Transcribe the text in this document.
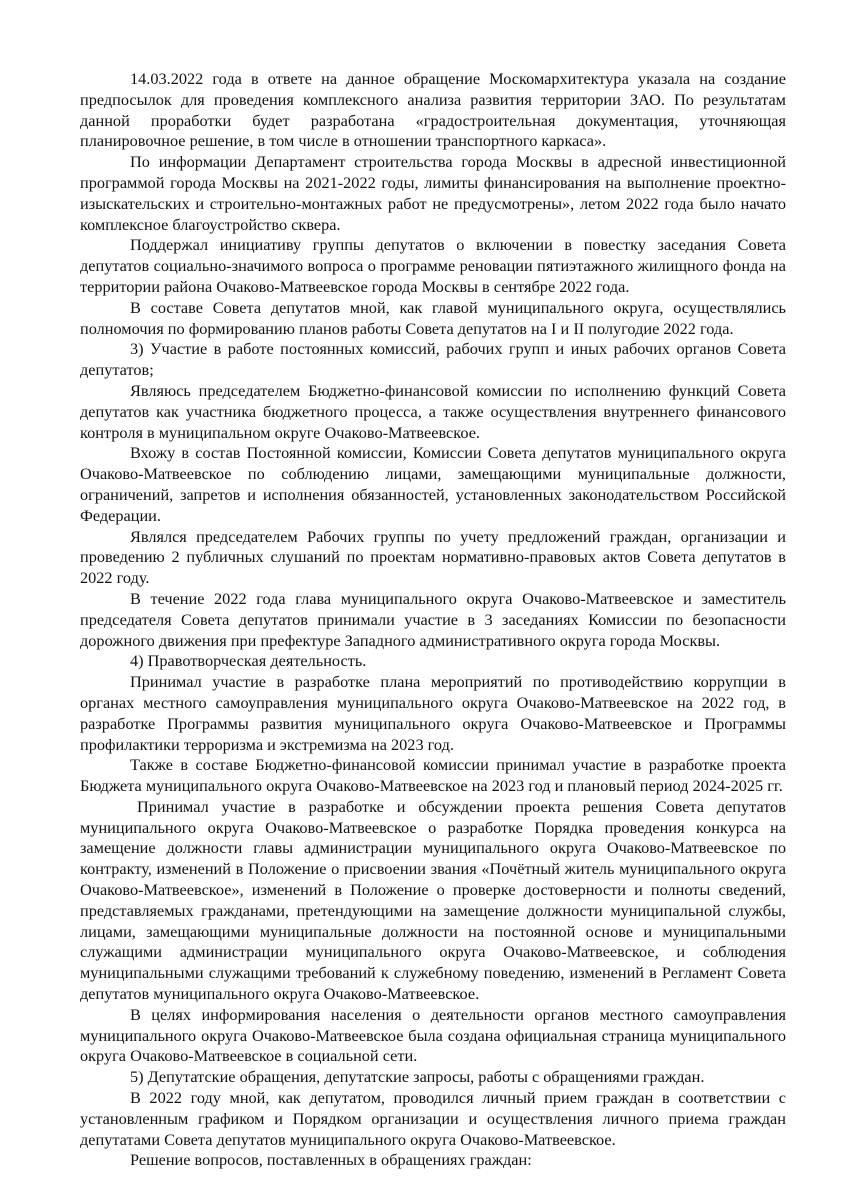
14.03.2022 года в ответе на данное обращение Москомархитектура указала на создание предпосылок для проведения комплексного анализа развития территории ЗАО. По результатам данной проработки будет разработана «градостроительная документация, уточняющая планировочное решение, в том числе в отношении транспортного каркаса».

По информации Департамент строительства города Москвы в адресной инвестиционной программой города Москвы на 2021-2022 годы, лимиты финансирования на выполнение проектно-изыскательских и строительно-монтажных работ не предусмотрены», летом 2022 года было начато комплексное благоустройство сквера.

Поддержал инициативу группы депутатов о включении в повестку заседания Совета депутатов социально-значимого вопроса о программе реновации пятиэтажного жилищного фонда на территории района Очаково-Матвеевское города Москвы в сентябре 2022 года.

В составе Совета депутатов мной, как главой муниципального округа, осуществлялись полномочия по формированию планов работы Совета депутатов на I и II полугодие 2022 года.

3) Участие в работе постоянных комиссий, рабочих групп и иных рабочих органов Совета депутатов;

Являюсь председателем Бюджетно-финансовой комиссии по исполнению функций Совета депутатов как участника бюджетного процесса, а также осуществления внутреннего финансового контроля в муниципальном округе Очаково-Матвеевское.

Вхожу в состав Постоянной комиссии, Комиссии Совета депутатов муниципального округа Очаково-Матвеевское по соблюдению лицами, замещающими муниципальные должности, ограничений, запретов и исполнения обязанностей, установленных законодательством Российской Федерации.

Являлся председателем Рабочих группы по учету предложений граждан, организации и проведению 2 публичных слушаний по проектам нормативно-правовых актов Совета депутатов в 2022 году.

В течение 2022 года глава муниципального округа Очаково-Матвеевское и заместитель председателя Совета депутатов принимали участие в 3 заседаниях Комиссии по безопасности дорожного движения при префектуре Западного административного округа города Москвы.

4) Правотворческая деятельность.

Принимал участие в разработке плана мероприятий по противодействию коррупции в органах местного самоуправления муниципального округа Очаково-Матвеевское на 2022 год, в разработке Программы развития муниципального округа Очаково-Матвеевское и Программы профилактики терроризма и экстремизма на 2023 год.

Также в составе Бюджетно-финансовой комиссии принимал участие в разработке проекта Бюджета муниципального округа Очаково-Матвеевское на 2023 год и плановый период 2024-2025 гг.

Принимал участие в разработке и обсуждении проекта решения Совета депутатов муниципального округа Очаково-Матвеевское о разработке Порядка проведения конкурса на замещение должности главы администрации муниципального округа Очаково-Матвеевское по контракту, изменений в Положение о присвоении звания «Почётный житель муниципального округа Очаково-Матвеевское», изменений в Положение о проверке достоверности и полноты сведений, представляемых гражданами, претендующими на замещение должности муниципальной службы, лицами, замещающими муниципальные должности на постоянной основе и муниципальными служащими администрации муниципального округа Очаково-Матвеевское, и соблюдения муниципальными служащими требований к служебному поведению, изменений в Регламент Совета депутатов муниципального округа Очаково-Матвеевское.

В целях информирования населения о деятельности органов местного самоуправления муниципального округа Очаково-Матвеевское была создана официальная страница муниципального округа Очаково-Матвеевское в социальной сети.

5) Депутатские обращения, депутатские запросы, работы с обращениями граждан.

В 2022 году мной, как депутатом, проводился личный прием граждан в соответствии с установленным графиком и Порядком организации и осуществления личного приема граждан депутатами Совета депутатов муниципального округа Очаково-Матвеевское.

Решение вопросов, поставленных в обращениях граждан:
